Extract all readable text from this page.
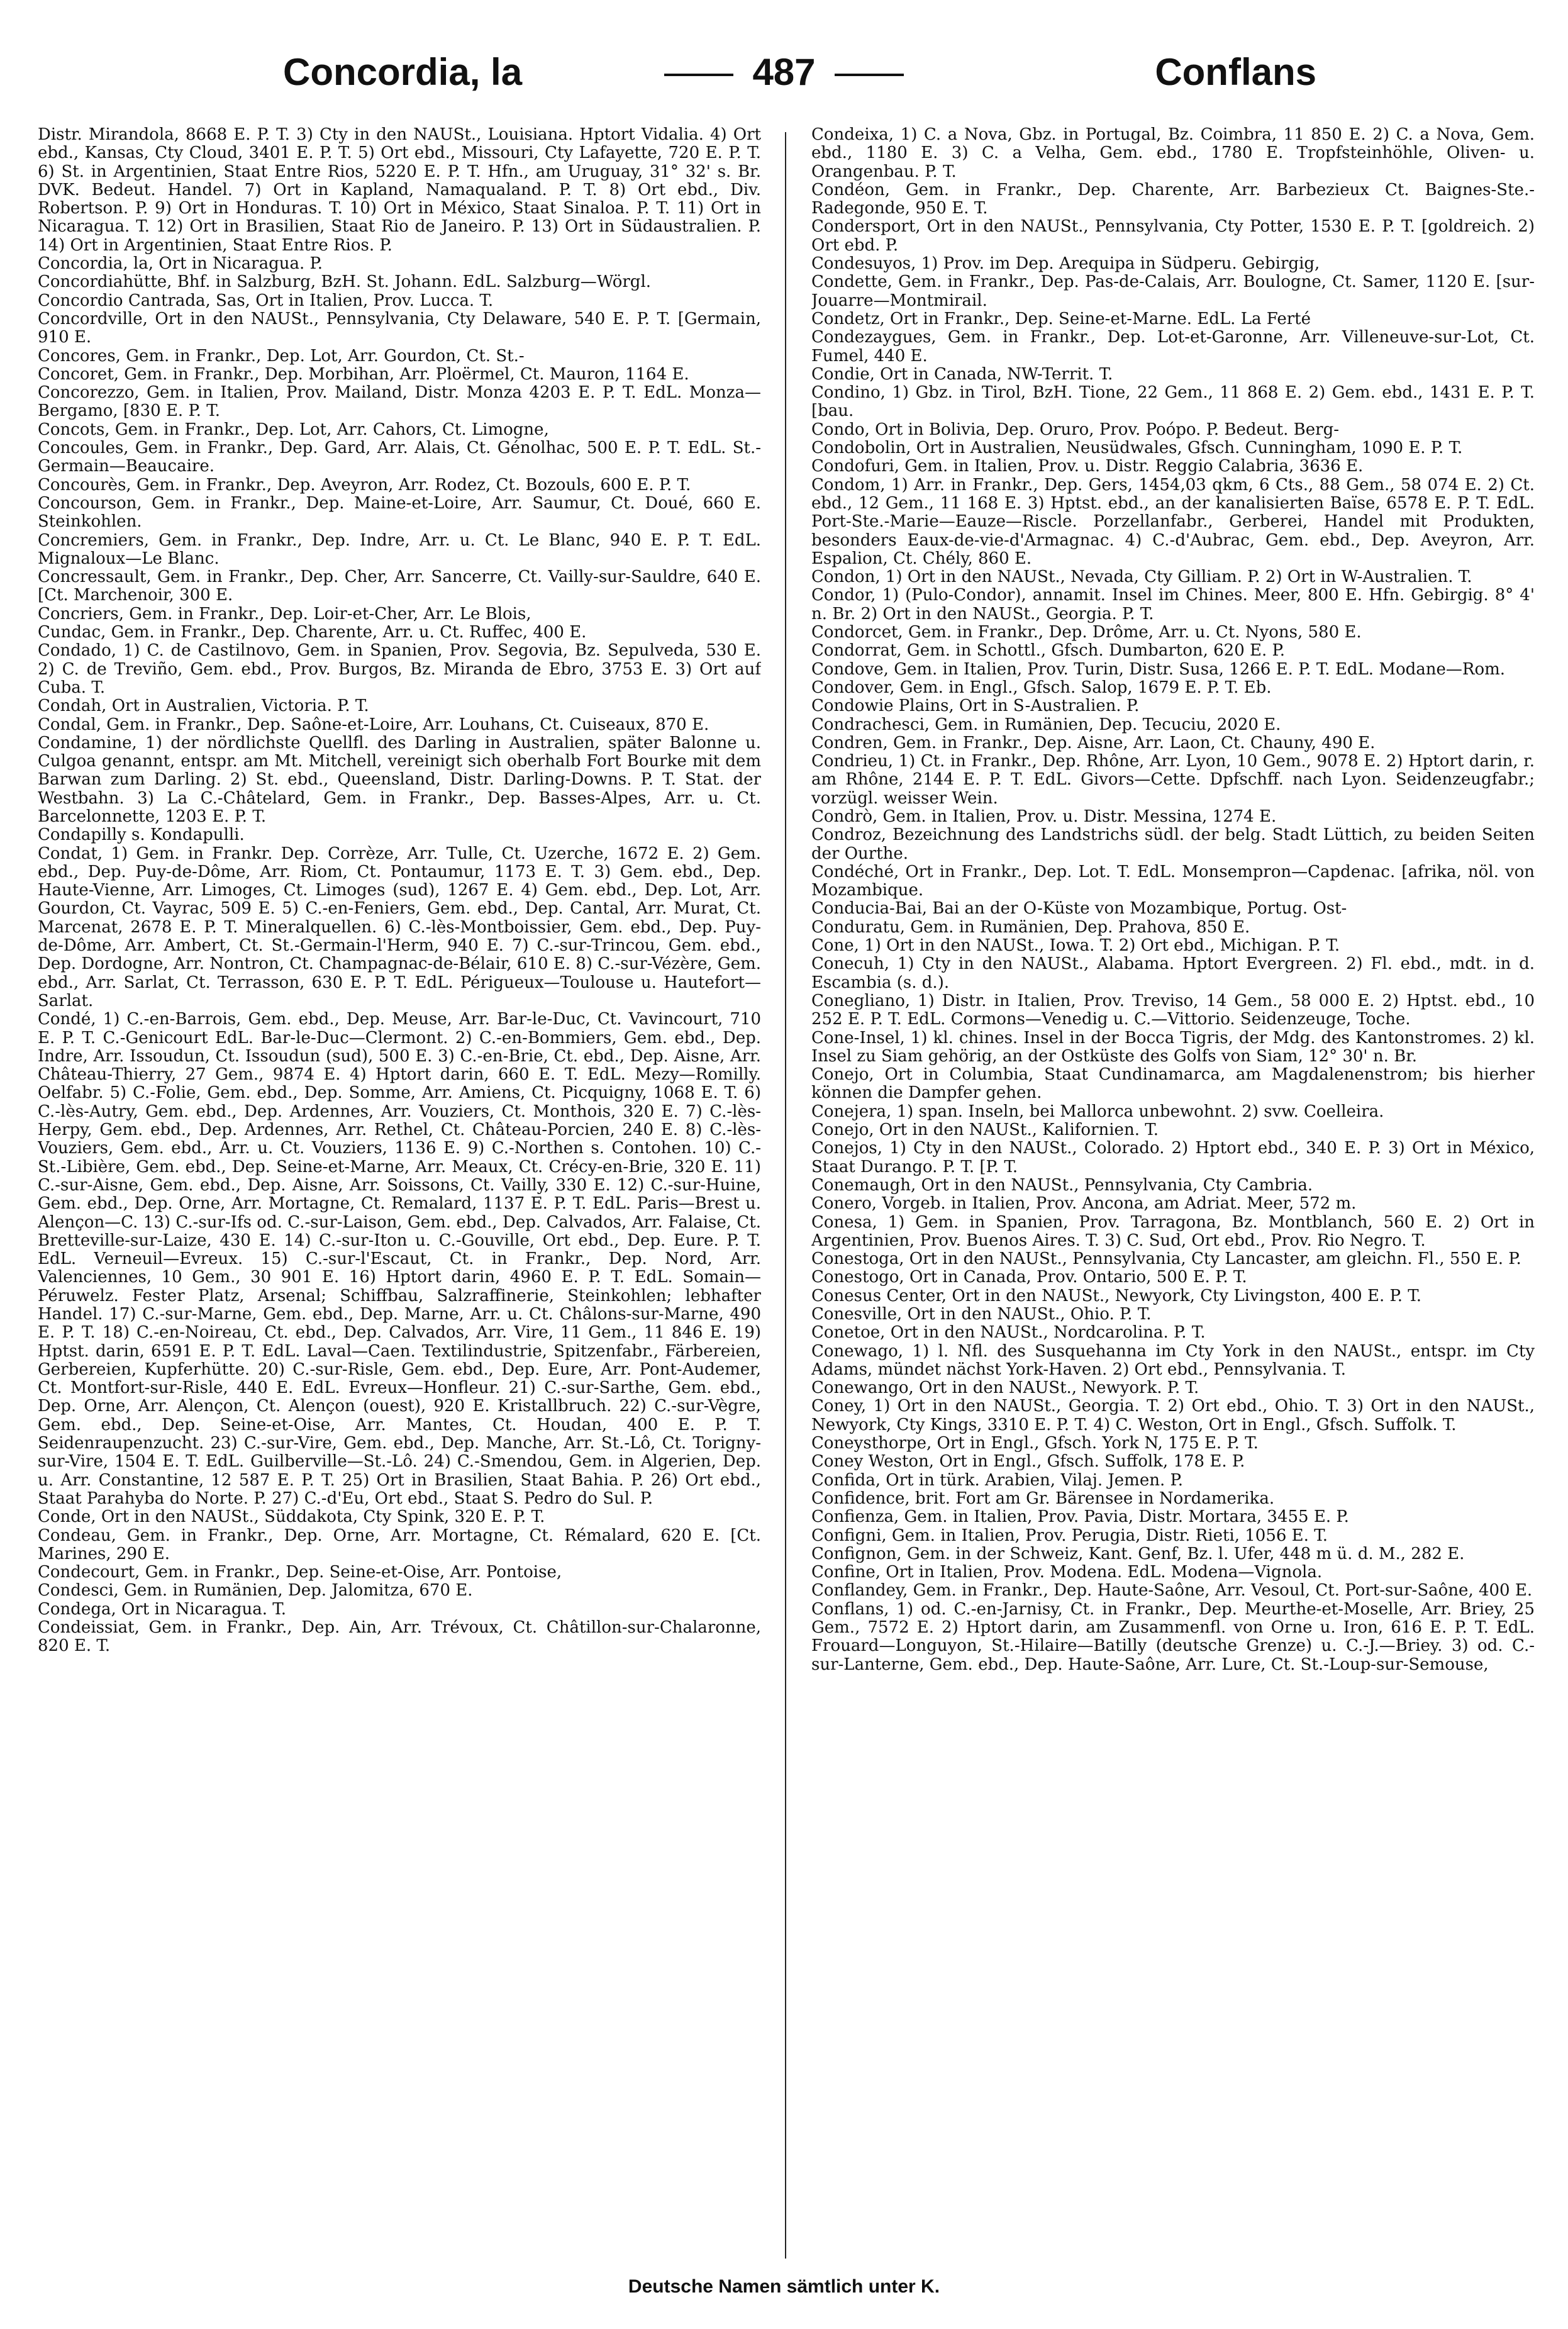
Concordia, la	487	Conflans

Distr. Mirandola, 8668 E. P. T. 3) Cty in den NAUSt., Louisiana. Hptort Vidalia. 4) Ort ebd., Kansas, Cty Cloud, 3401 E. P. T. 5) Ort ebd., Missouri, Cty Lafayette, 720 E. P. T. 6) St. in Argentinien, Staat Entre Rios, 5220 E. P. T. Hfn., am Uruguay, 31° 32' s. Br. DVK. Bedeut. Handel. 7) Ort in Kapland, Namaqualand. P. T. 8) Ort ebd., Div. Robertson. P. 9) Ort in Honduras. T. 10) Ort in México, Staat Sinaloa. P. T. 11) Ort in Nicaragua. T. 12) Ort in Brasilien, Staat Rio de Janeiro. P. 13) Ort in Südaustralien. P. 14) Ort in Argentinien, Staat Entre Rios. P.

Concordia, la, Ort in Nicaragua. P.

Concordiahütte, Bhf. in Salzburg, BzH. St. Johann. EdL. Salzburg—Wörgl.

Concordio Cantrada, Sas, Ort in Italien, Prov. Lucca. T.

Concordville, Ort in den NAUSt., Pennsylvania, Cty Delaware, 540 E. P. T. [Germain, 910 E.

Concores, Gem. in Frankr., Dep. Lot, Arr. Gourdon, Ct. St.-

Concoret, Gem. in Frankr., Dep. Morbihan, Arr. Ploërmel, Ct. Mauron, 1164 E.

Concorezzo, Gem. in Italien, Prov. Mailand, Distr. Monza 4203 E. P. T. EdL. Monza—Bergamo, [830 E. P. T.

Concots, Gem. in Frankr., Dep. Lot, Arr. Cahors, Ct. Limogne,

Concoules, Gem. in Frankr., Dep. Gard, Arr. Alais, Ct. Génolhac, 500 E. P. T. EdL. St.-Germain—Beaucaire.

Concourès, Gem. in Frankr., Dep. Aveyron, Arr. Rodez, Ct. Bozouls, 600 E. P. T.

Concourson, Gem. in Frankr., Dep. Maine-et-Loire, Arr. Saumur, Ct. Doué, 660 E. Steinkohlen.

Concremiers, Gem. in Frankr., Dep. Indre, Arr. u. Ct. Le Blanc, 940 E. P. T. EdL. Mignaloux—Le Blanc.

Concressault, Gem. in Frankr., Dep. Cher, Arr. Sancerre, Ct. Vailly-sur-Sauldre, 640 E. [Ct. Marchenoir, 300 E.

Concriers, Gem. in Frankr., Dep. Loir-et-Cher, Arr. Le Blois,

Cundac, Gem. in Frankr., Dep. Charente, Arr. u. Ct. Ruffec, 400 E.

Condado, 1) C. de Castilnovo, Gem. in Spanien, Prov. Segovia, Bz. Sepulveda, 530 E. 2) C. de Treviño, Gem. ebd., Prov. Burgos, Bz. Miranda de Ebro, 3753 E. 3) Ort auf Cuba. T.

Condah, Ort in Australien, Victoria. P. T.

Condal, Gem. in Frankr., Dep. Saône-et-Loire, Arr. Louhans, Ct. Cuiseaux, 870 E.

Condamine, 1) der nördlichste Quellfl. des Darling in Australien, später Balonne u. Culgoa genannt, entspr. am Mt. Mitchell, vereinigt sich oberhalb Fort Bourke mit dem Barwan zum Darling. 2) St. ebd., Queensland, Distr. Darling-Downs. P. T. Stat. der Westbahn. 3) La C.-Châtelard, Gem. in Frankr., Dep. Basses-Alpes, Arr. u. Ct. Barcelonnette, 1203 E. P. T.

Condapilly s. Kondapulli.

Condat, 1) Gem. in Frankr. Dep. Corrèze, Arr. Tulle, Ct. Uzerche, 1672 E. 2) Gem. ebd., Dep. Puy-de-Dôme, Arr. Riom, Ct. Pontaumur, 1173 E. T. 3) Gem. ebd., Dep. Haute-Vienne, Arr. Limoges, Ct. Limoges (sud), 1267 E. 4) Gem. ebd., Dep. Lot, Arr. Gourdon, Ct. Vayrac, 509 E. 5) C.-en-Feniers, Gem. ebd., Dep. Cantal, Arr. Murat, Ct. Marcenat, 2678 E. P. T. Mineralquellen. 6) C.-lès-Montboissier, Gem. ebd., Dep. Puy-de-Dôme, Arr. Ambert, Ct. St.-Germain-l'Herm, 940 E. 7) C.-sur-Trincou, Gem. ebd., Dep. Dordogne, Arr. Nontron, Ct. Champagnac-de-Bélair, 610 E. 8) C.-sur-Vézère, Gem. ebd., Arr. Sarlat, Ct. Terrasson, 630 E. P. T. EdL. Périgueux—Toulouse u. Hautefort—Sarlat.

Condé, 1) C.-en-Barrois, Gem. ebd., Dep. Meuse, Arr. Bar-le-Duc, Ct. Vavincourt, 710 E. P. T. C.-Genicourt EdL. Bar-le-Duc—Clermont. 2) C.-en-Bommiers, Gem. ebd., Dep. Indre, Arr. Issoudun, Ct. Issoudun (sud), 500 E. 3) C.-en-Brie, Ct. ebd., Dep. Aisne, Arr. Château-Thierry, 27 Gem., 9874 E. 4) Hptort darin, 660 E. T. EdL. Mezy—Romilly. Oelfabr. 5) C.-Folie, Gem. ebd., Dep. Somme, Arr. Amiens, Ct. Picquigny, 1068 E. T. 6) C.-lès-Autry, Gem. ebd., Dep. Ardennes, Arr. Vouziers, Ct. Monthois, 320 E. 7) C.-lès-Herpy, Gem. ebd., Dep. Ardennes, Arr. Rethel, Ct. Château-Porcien, 240 E. 8) C.-lès-Vouziers, Gem. ebd., Arr. u. Ct. Vouziers, 1136 E. 9) C.-Northen s. Contohen. 10) C.-St.-Libière, Gem. ebd., Dep. Seine-et-Marne, Arr. Meaux, Ct. Crécy-en-Brie, 320 E. 11) C.-sur-Aisne, Gem. ebd., Dep. Aisne, Arr. Soissons, Ct. Vailly, 330 E. 12) C.-sur-Huine, Gem. ebd., Dep. Orne, Arr. Mortagne, Ct. Remalard, 1137 E. P. T. EdL. Paris—Brest u. Alençon—C. 13) C.-sur-Ifs od. C.-sur-Laison, Gem. ebd., Dep. Calvados, Arr. Falaise, Ct. Bretteville-sur-Laize, 430 E. 14) C.-sur-Iton u. C.-Gouville, Ort ebd., Dep. Eure. P. T. EdL. Verneuil—Evreux. 15) C.-sur-l'Escaut, Ct. in Frankr., Dep. Nord, Arr. Valenciennes, 10 Gem., 30 901 E. 16) Hptort darin, 4960 E. P. T. EdL. Somain—Péruwelz. Fester Platz, Arsenal; Schiffbau, Salzraffinerie, Steinkohlen; lebhafter Handel. 17) C.-sur-Marne, Gem. ebd., Dep. Marne, Arr. u. Ct. Châlons-sur-Marne, 490 E. P. T. 18) C.-en-Noireau, Ct. ebd., Dep. Calvados, Arr. Vire, 11 Gem., 11 846 E. 19) Hptst. darin, 6591 E. P. T. EdL. Laval—Caen. Textilindustrie, Spitzenfabr., Färbereien, Gerbereien, Kupferhütte. 20) C.-sur-Risle, Gem. ebd., Dep. Eure, Arr. Pont-Audemer, Ct. Montfort-sur-Risle, 440 E. EdL. Evreux—Honfleur. 21) C.-sur-Sarthe, Gem. ebd., Dep. Orne, Arr. Alençon, Ct. Alençon (ouest), 920 E. Kristallbruch. 22) C.-sur-Vègre, Gem. ebd., Dep. Seine-et-Oise, Arr. Mantes, Ct. Houdan, 400 E. P. T. Seidenraupenzucht. 23) C.-sur-Vire, Gem. ebd., Dep. Manche, Arr. St.-Lô, Ct. Torigny-sur-Vire, 1504 E. T. EdL. Guilberville—St.-Lô. 24) C.-Smendou, Gem. in Algerien, Dep. u. Arr. Constantine, 12 587 E. P. T. 25) Ort in Brasilien, Staat Bahia. P. 26) Ort ebd., Staat Parahyba do Norte. P. 27) C.-d'Eu, Ort ebd., Staat S. Pedro do Sul. P.

Conde, Ort in den NAUSt., Süddakota, Cty Spink, 320 E. P. T.

Condeau, Gem. in Frankr., Dep. Orne, Arr. Mortagne, Ct. Rémalard, 620 E. [Ct. Marines, 290 E.

Condecourt, Gem. in Frankr., Dep. Seine-et-Oise, Arr. Pontoise,

Condesci, Gem. in Rumänien, Dep. Jalomitza, 670 E.

Condega, Ort in Nicaragua. T.

Condeissiat, Gem. in Frankr., Dep. Ain, Arr. Trévoux, Ct. Châtillon-sur-Chalaronne, 820 E. T.

Condeixa, 1) C. a Nova, Gbz. in Portugal, Bz. Coimbra, 11 850 E. 2) C. a Nova, Gem. ebd., 1180 E. 3) C. a Velha, Gem. ebd., 1780 E. Tropfsteinhöhle, Oliven- u. Orangenbau. P. T.

Condéon, Gem. in Frankr., Dep. Charente, Arr. Barbezieux Ct. Baignes-Ste.-Radegonde, 950 E. T.

Condersport, Ort in den NAUSt., Pennsylvania, Cty Potter, 1530 E. P. T. [goldreich. 2) Ort ebd. P.

Condesuyos, 1) Prov. im Dep. Arequipa in Südperu. Gebirgig,

Condette, Gem. in Frankr., Dep. Pas-de-Calais, Arr. Boulogne, Ct. Samer, 1120 E. [sur-Jouarre—Montmirail.

Condetz, Ort in Frankr., Dep. Seine-et-Marne. EdL. La Ferté

Condezaygues, Gem. in Frankr., Dep. Lot-et-Garonne, Arr. Villeneuve-sur-Lot, Ct. Fumel, 440 E.

Condie, Ort in Canada, NW-Territ. T.

Condino, 1) Gbz. in Tirol, BzH. Tione, 22 Gem., 11 868 E. 2) Gem. ebd., 1431 E. P. T. [bau.

Condo, Ort in Bolivia, Dep. Oruro, Prov. Poópo. P. Bedeut. Berg-

Condobolin, Ort in Australien, Neusüdwales, Gfsch. Cunningham, 1090 E. P. T.

Condofuri, Gem. in Italien, Prov. u. Distr. Reggio Calabria, 3636 E.

Condom, 1) Arr. in Frankr., Dep. Gers, 1454,03 qkm, 6 Cts., 88 Gem., 58 074 E. 2) Ct. ebd., 12 Gem., 11 168 E. 3) Hptst. ebd., an der kanalisierten Baïse, 6578 E. P. T. EdL. Port-Ste.-Marie—Eauze—Riscle. Porzellanfabr., Gerberei, Handel mit Produkten, besonders Eaux-de-vie-d'Armagnac. 4) C.-d'Aubrac, Gem. ebd., Dep. Aveyron, Arr. Espalion, Ct. Chély, 860 E.

Condon, 1) Ort in den NAUSt., Nevada, Cty Gilliam. P. 2) Ort in W-Australien. T.

Condor, 1) (Pulo-Condor), annamit. Insel im Chines. Meer, 800 E. Hfn. Gebirgig. 8° 4' n. Br. 2) Ort in den NAUSt., Georgia. P. T.

Condorcet, Gem. in Frankr., Dep. Drôme, Arr. u. Ct. Nyons, 580 E.

Condorrat, Gem. in Schottl., Gfsch. Dumbarton, 620 E. P.

Condove, Gem. in Italien, Prov. Turin, Distr. Susa, 1266 E. P. T. EdL. Modane—Rom.

Condover, Gem. in Engl., Gfsch. Salop, 1679 E. P. T. Eb.

Condowie Plains, Ort in S-Australien. P.

Condrachesci, Gem. in Rumänien, Dep. Tecuciu, 2020 E.

Condren, Gem. in Frankr., Dep. Aisne, Arr. Laon, Ct. Chauny, 490 E.

Condrieu, 1) Ct. in Frankr., Dep. Rhône, Arr. Lyon, 10 Gem., 9078 E. 2) Hptort darin, r. am Rhône, 2144 E. P. T. EdL. Givors—Cette. Dpfschff. nach Lyon. Seidenzeugfabr.; vorzügl. weisser Wein.

Condrò, Gem. in Italien, Prov. u. Distr. Messina, 1274 E.

Condroz, Bezeichnung des Landstrichs südl. der belg. Stadt Lüttich, zu beiden Seiten der Ourthe.

Condéché, Ort in Frankr., Dep. Lot. T. EdL. Monsempron—Capdenac. [afrika, nöl. von Mozambique.

Conducia-Bai, Bai an der O-Küste von Mozambique, Portug. Ost-

Conduratu, Gem. in Rumänien, Dep. Prahova, 850 E.

Cone, 1) Ort in den NAUSt., Iowa. T. 2) Ort ebd., Michigan. P. T.

Conecuh, 1) Cty in den NAUSt., Alabama. Hptort Evergreen. 2) Fl. ebd., mdt. in d. Escambia (s. d.).

Conegliano, 1) Distr. in Italien, Prov. Treviso, 14 Gem., 58 000 E. 2) Hptst. ebd., 10 252 E. P. T. EdL. Cormons—Venedig u. C.—Vittorio. Seidenzeuge, Toche.

Cone-Insel, 1) kl. chines. Insel in der Bocca Tigris, der Mdg. des Kantonstromes. 2) kl. Insel zu Siam gehörig, an der Ostküste des Golfs von Siam, 12° 30' n. Br.

Conejo, Ort in Columbia, Staat Cundinamarca, am Magdalenenstrom; bis hierher können die Dampfer gehen.

Conejera, 1) span. Inseln, bei Mallorca unbewohnt. 2) svw. Coelleira.

Conejo, Ort in den NAUSt., Kalifornien. T.

Conejos, 1) Cty in den NAUSt., Colorado. 2) Hptort ebd., 340 E. P. 3) Ort in México, Staat Durango. P. T. [P. T.

Conemaugh, Ort in den NAUSt., Pennsylvania, Cty Cambria.

Conero, Vorgeb. in Italien, Prov. Ancona, am Adriat. Meer, 572 m.

Conesa, 1) Gem. in Spanien, Prov. Tarragona, Bz. Montblanch, 560 E. 2) Ort in Argentinien, Prov. Buenos Aires. T. 3) C. Sud, Ort ebd., Prov. Rio Negro. T.

Conestoga, Ort in den NAUSt., Pennsylvania, Cty Lancaster, am gleichn. Fl., 550 E. P.

Conestogo, Ort in Canada, Prov. Ontario, 500 E. P. T.

Conesus Center, Ort in den NAUSt., Newyork, Cty Livingston, 400 E. P. T.

Conesville, Ort in den NAUSt., Ohio. P. T.

Conetoe, Ort in den NAUSt., Nordcarolina. P. T.

Conewago, 1) l. Nfl. des Susquehanna im Cty York in den NAUSt., entspr. im Cty Adams, mündet nächst York-Haven. 2) Ort ebd., Pennsylvania. T.

Conewango, Ort in den NAUSt., Newyork. P. T.

Coney, 1) Ort in den NAUSt., Georgia. T. 2) Ort ebd., Ohio. T. 3) Ort in den NAUSt., Newyork, Cty Kings, 3310 E. P. T. 4) C. Weston, Ort in Engl., Gfsch. Suffolk. T.

Coneysthorpe, Ort in Engl., Gfsch. York N, 175 E. P. T.

Coney Weston, Ort in Engl., Gfsch. Suffolk, 178 E. P.

Confida, Ort in türk. Arabien, Vilaj. Jemen. P.

Confidence, brit. Fort am Gr. Bärensee in Nordamerika.

Confienza, Gem. in Italien, Prov. Pavia, Distr. Mortara, 3455 E. P.

Configni, Gem. in Italien, Prov. Perugia, Distr. Rieti, 1056 E. T.

Confignon, Gem. in der Schweiz, Kant. Genf, Bz. l. Ufer, 448 m ü. d. M., 282 E.

Confine, Ort in Italien, Prov. Modena. EdL. Modena—Vignola.

Conflandey, Gem. in Frankr., Dep. Haute-Saône, Arr. Vesoul, Ct. Port-sur-Saône, 400 E.

Conflans, 1) od. C.-en-Jarnisy, Ct. in Frankr., Dep. Meurthe-et-Moselle, Arr. Briey, 25 Gem., 7572 E. 2) Hptort darin, am Zusammenfl. von Orne u. Iron, 616 E. P. T. EdL. Frouard—Longuyon, St.-Hilaire—Batilly (deutsche Grenze) u. C.-J.—Briey. 3) od. C.-sur-Lanterne, Gem. ebd., Dep. Haute-Saône, Arr. Lure, Ct. St.-Loup-sur-Semouse,

Deutsche Namen sämtlich unter K.
